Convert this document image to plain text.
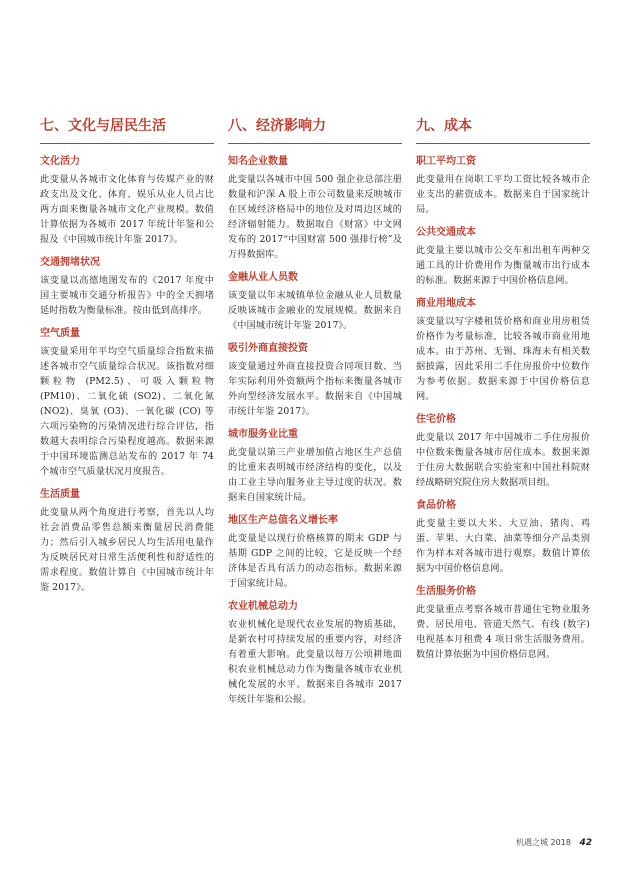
七、文化与居民生活
文化活力

此变量从各城市文化体育与传媒产业的财政支出及文化、体育、娱乐从业人员占比两方面来衡量各城市文化产业规模。数值计算依据为各城市 2017 年统计年鉴和公报及《中国城市统计年鉴 2017》。

交通拥堵状况

该变量以高德地图发布的《2017 年度中国主要城市交通分析报告》中的全天拥堵延时指数为衡量标准。按由低到高排序。

空气质量

该变量采用年平均空气质量综合指数来描述各城市空气质量综合状况。该指数对细颗粒物 (PM2.5)、可吸入颗粒物 (PM10)、二氧化硫 (SO2)、二氧化氮 (NO2)、臭氧 (O3)、一氧化碳 (CO) 等六项污染物的污染情况进行综合评估，指数越大表明综合污染程度越高。数据来源于中国环境监测总站发布的 2017 年 74 个城市空气质量状况月度报告。

生活质量

此变量从两个角度进行考察，首先以人均社会消费品零售总额来衡量居民消费能力；然后引入城乡居民人均生活用电量作为反映居民对日常生活便利性和舒适性的需求程度。数值计算自《中国城市统计年鉴 2017》。

八、经济影响力
知名企业数量

此变量以各城市中国 500 强企业总部注册数量和沪深 A 股上市公司数量来反映城市在区域经济格局中的地位及对周边区域的经济辐射能力。数据取自《财富》中文网发布的 2017“中国财富 500 强排行榜”及万得数据库。

金融从业人员数

该变量以年末城镇单位金融从业人员数量反映该城市金融业的发展规模。数据来自《中国城市统计年鉴 2017》。

吸引外商直接投资

该变量通过外商直接投资合同项目数、当年实际利用外资额两个指标来衡量各城市外向型经济发展水平。数据来自《中国城市统计年鉴 2017》。

城市服务业比重

此变量以第三产业增加值占地区生产总值的比重来表明城市经济结构的变化，以及由工业主导向服务业主导过度的状况。数据来自国家统计局。

地区生产总值名义增长率

此变量是以现行价格核算的期末 GDP 与基期 GDP 之间的比较，它是反映一个经济体是否具有活力的动态指标。数据来源于国家统计局。

农业机械总动力

农业机械化是现代农业发展的物质基础，是新农村可持续发展的重要内容，对经济有着重大影响。此变量以每万公顷耕地面积农业机械总动力作为衡量各城市农业机械化发展的水平。数据来自各城市 2017 年统计年鉴和公报。

九、成本
职工平均工资

此变量用在岗职工平均工资比较各城市企业支出的薪资成本。数据来自于国家统计局。

公共交通成本

此变量主要以城市公交车和出租车两种交通工具的计价费用作为衡量城市出行成本的标准。数据来源于中国价格信息网。

商业用地成本

该变量以写字楼租赁价格和商业用房租赁价格作为考量标准，比较各城市商业用地成本。由于苏州、无锡、珠海未有相关数据披露，因此采用二手住房报价中位数作为参考依据。数据来源于中国价格信息网。

住宅价格

此变量以 2017 年中国城市二手住房报价中位数来衡量各城市居住成本。数据来源于住房大数据联合实验室和中国社科院财经战略研究院住房大数据项目组。

食品价格

此变量主要以大米、大豆油、猪肉、鸡蛋、苹果、大白菜、油菜等细分产品类别作为样本对各城市进行观察。数值计算依据为中国价格信息网。

生活服务价格

此变量重点考察各城市普通住宅物业服务费、居民用电、管道天然气、有线 (数字) 电视基本月租费 4 项日常生活服务费用。数值计算依据为中国价格信息网。

机遇之城 2018 42
